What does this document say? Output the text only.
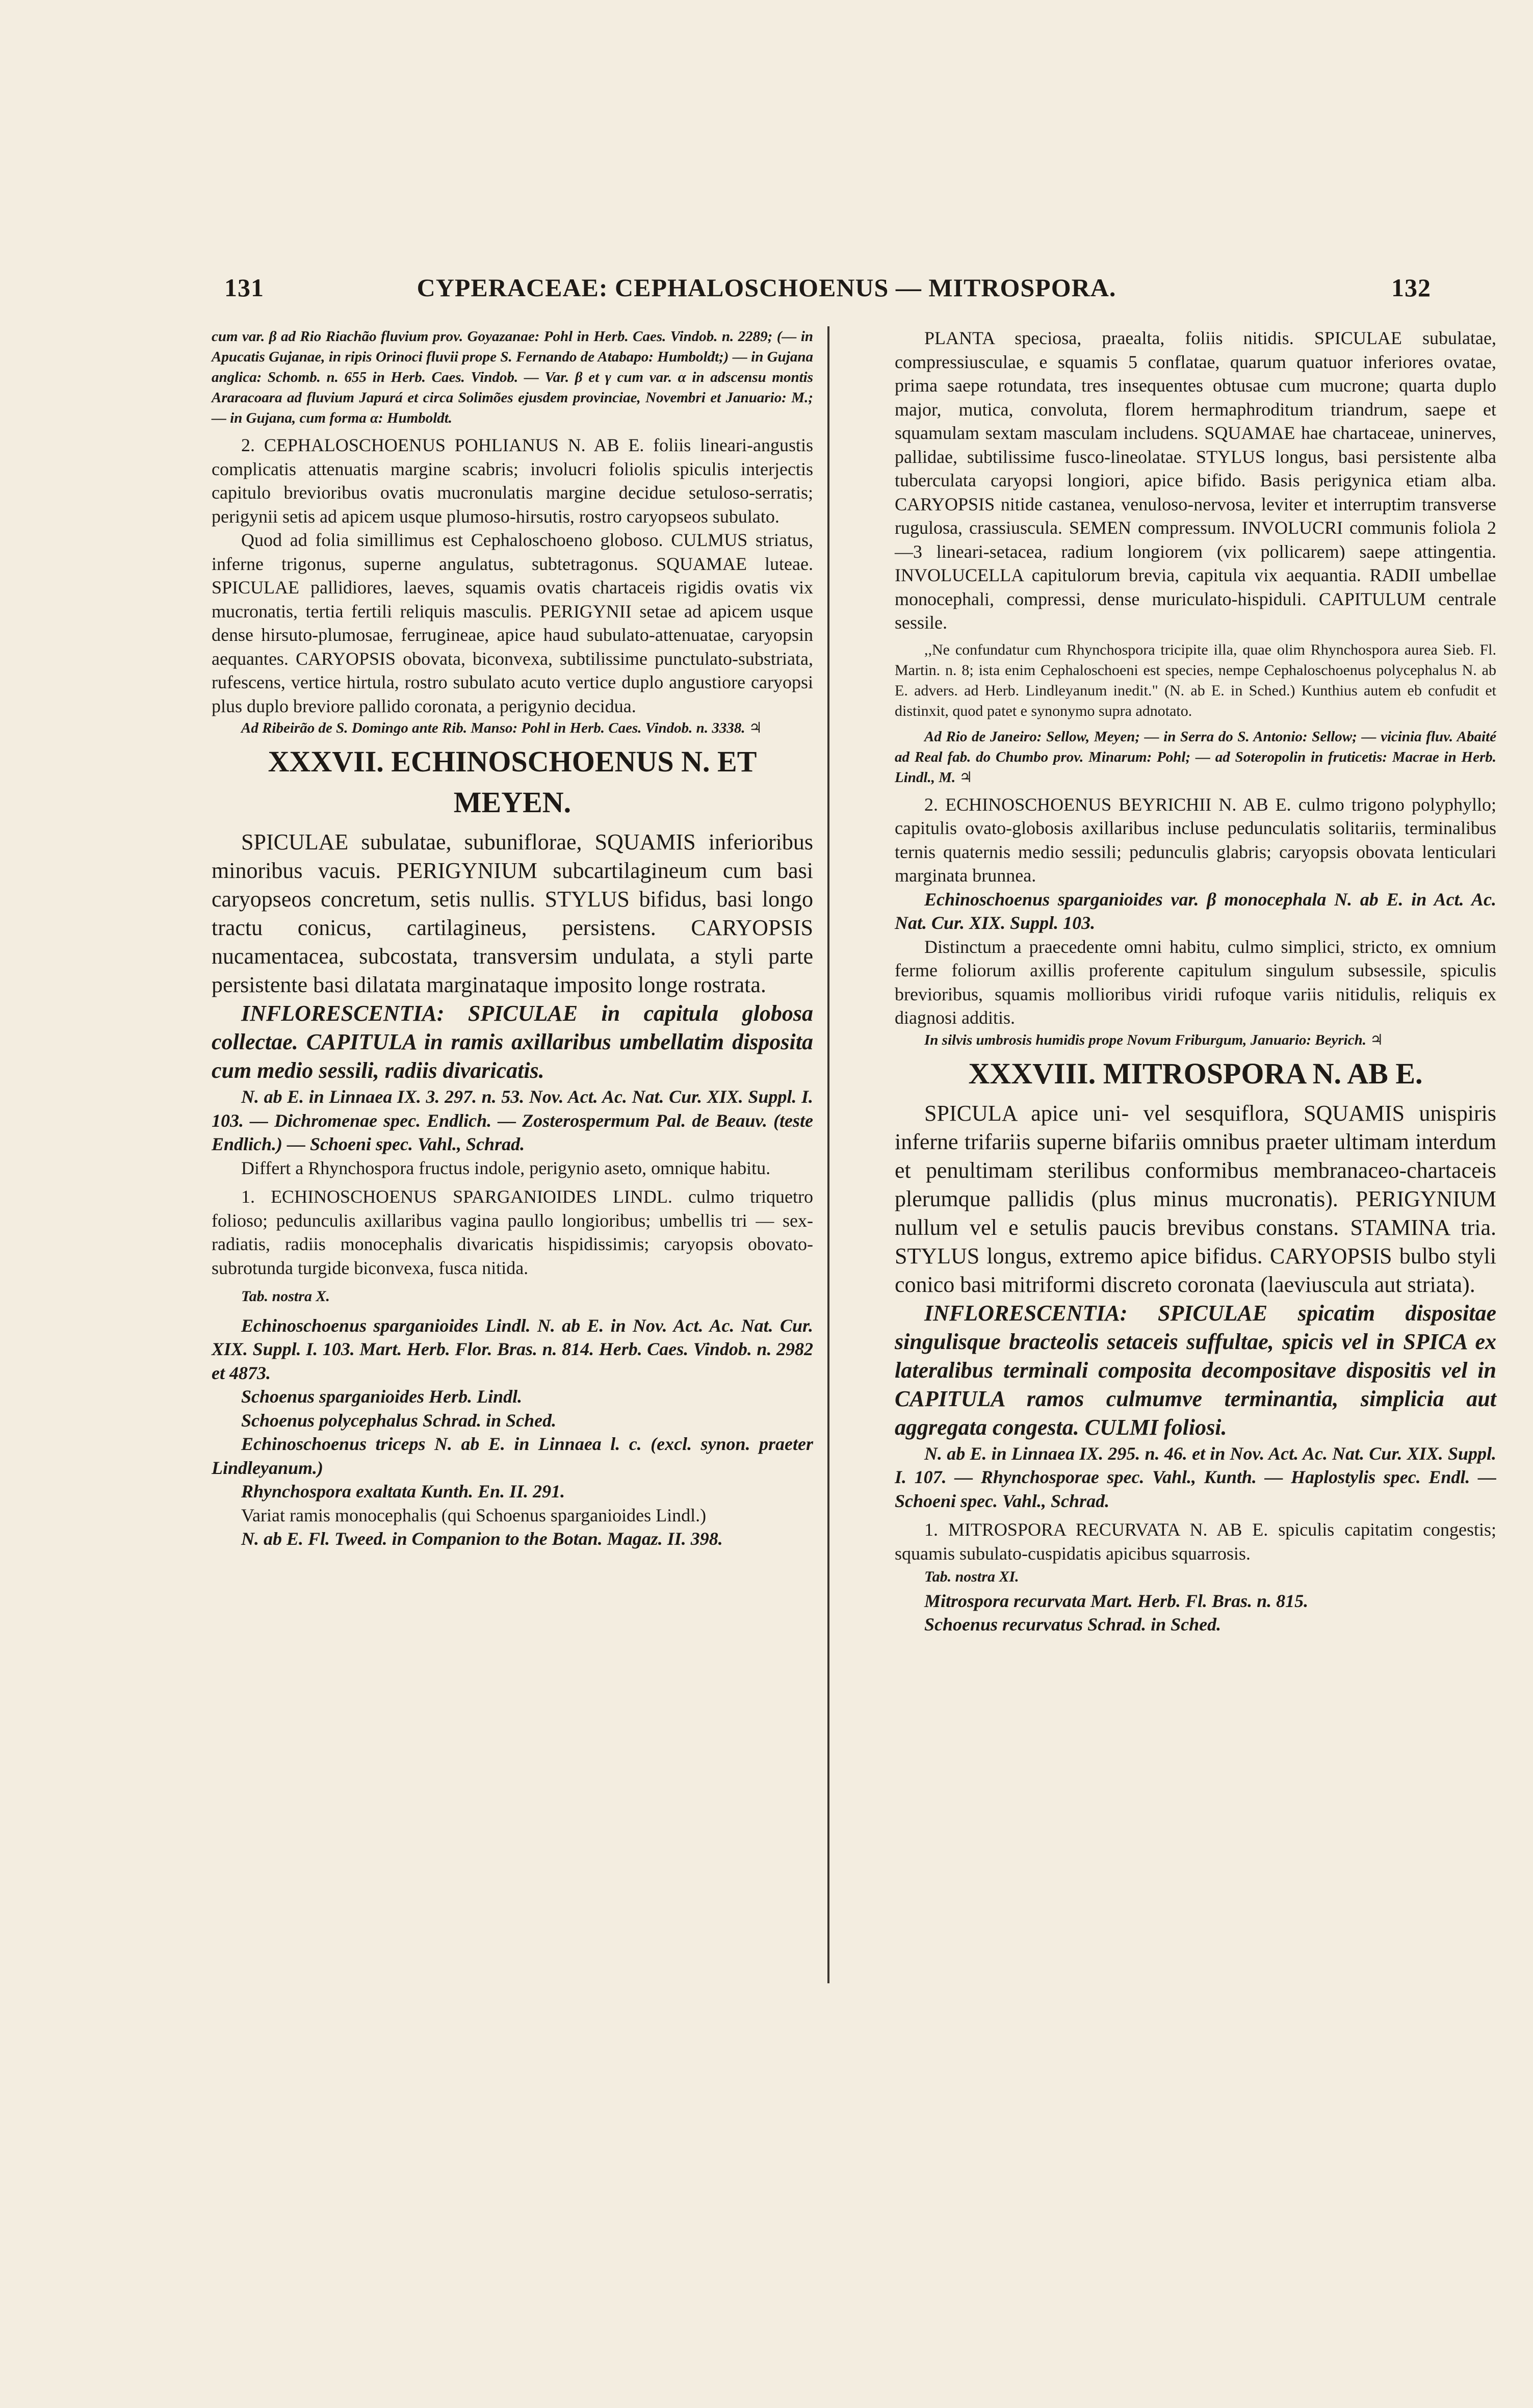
131	CYPERACEAE: CEPHALOSCHOENUS — MITROSPORA.	132

cum var. β ad Rio Riachão fluvium prov. Goyazanae: Pohl in Herb. Caes. Vindob. n. 2289; (— in Apucatis Gujanae, in ripis Orinoci fluvii prope S. Fernando de Atabapo: Humboldt;) — in Gujana anglica: Schomb. n. 655 in Herb. Caes. Vindob. — Var. β et γ cum var. α in adscensu montis Araracoara ad fluvium Japurá et circa Solimões ejusdem provinciae, Novembri et Januario: M.; — in Gujana, cum forma α: Humboldt.

2. CEPHALOSCHOENUS POHLIANUS N. AB E. foliis lineari-angustis complicatis attenuatis margine scabris; involucri foliolis spiculis interjectis capitulo brevioribus ovatis mucronulatis margine decidue setuloso-serratis; perigynii setis ad apicem usque plumoso-hirsutis, rostro caryopseos subulato.

Quod ad folia simillimus est Cephaloschoeno globoso. CULMUS striatus, inferne trigonus, superne angulatus, subtetragonus. SQUAMAE luteae. SPICULAE pallidiores, laeves, squamis ovatis chartaceis rigidis ovatis vix mucronatis, tertia fertili reliquis masculis. PERIGYNII setae ad apicem usque dense hirsuto-plumosae, ferrugineae, apice haud subulato-attenuatae, caryopsin aequantes. CARYOPSIS obovata, biconvexa, subtilissime punctulato-substriata, rufescens, vertice hirtula, rostro subulato acuto vertice duplo angustiore caryopsi plus duplo breviore pallido coronata, a perigynio decidua.

Ad Ribeirão de S. Domingo ante Rib. Manso: Pohl in Herb. Caes. Vindob. n. 3338. ♃

XXXVII. ECHINOSCHOENUS N. ET MEYEN.

SPICULAE subulatae, subuniflorae, SQUAMIS inferioribus minoribus vacuis. PERIGYNIUM subcartilagineum cum basi caryopseos concretum, setis nullis. STYLUS bifidus, basi longo tractu conicus, cartilagineus, persistens. CARYOPSIS nucamentacea, subcostata, transversim undulata, a styli parte persistente basi dilatata marginataque imposito longe rostrata.

INFLORESCENTIA: SPICULAE in capitula globosa collectae. CAPITULA in ramis axillaribus umbellatim disposita cum medio sessili, radiis divaricatis.

N. ab E. in Linnaea IX. 3. 297. n. 53. Nov. Act. Ac. Nat. Cur. XIX. Suppl. I. 103. — Dichromenae spec. Endlich. — Zosterospermum Pal. de Beauv. (teste Endlich.) — Schoeni spec. Vahl., Schrad.

Differt a Rhynchospora fructus indole, perigynio aseto, omnique habitu.

1. ECHINOSCHOENUS SPARGANIOIDES LINDL. culmo triquetro folioso; pedunculis axillaribus vagina paullo longioribus; umbellis tri — sex-radiatis, radiis monocephalis divaricatis hispidissimis; caryopsis obovato-subrotunda turgide biconvexa, fusca nitida.

Tab. nostra X.

Echinoschoenus sparganioides Lindl. N. ab E. in Nov. Act. Ac. Nat. Cur. XIX. Suppl. I. 103. Mart. Herb. Flor. Bras. n. 814. Herb. Caes. Vindob. n. 2982 et 4873.

Schoenus sparganioides Herb. Lindl.

Schoenus polycephalus Schrad. in Sched.

Echinoschoenus triceps N. ab E. in Linnaea l. c. (excl. synon. praeter Lindleyanum.)

Rhynchospora exaltata Kunth. En. II. 291.

Variat ramis monocephalis (qui Schoenus sparganioides Lindl.)

N. ab E. Fl. Tweed. in Companion to the Botan. Magaz. II. 398.

PLANTA speciosa, praealta, foliis nitidis. SPICULAE subulatae, compressiusculae, e squamis 5 conflatae, quarum quatuor inferiores ovatae, prima saepe rotundata, tres insequentes obtusae cum mucrone; quarta duplo major, mutica, convoluta, florem hermaphroditum triandrum, saepe et squamulam sextam masculam includens. SQUAMAE hae chartaceae, uninerves, pallidae, subtilissime fusco-lineolatae. STYLUS longus, basi persistente alba tuberculata caryopsi longiori, apice bifido. Basis perigynica etiam alba. CARYOPSIS nitide castanea, venuloso-nervosa, leviter et interruptim transverse rugulosa, crassiuscula. SEMEN compressum. INVOLUCRI communis foliola 2—3 lineari-setacea, radium longiorem (vix pollicarem) saepe attingentia. INVOLUCELLA capitulorum brevia, capitula vix aequantia. RADII umbellae monocephali, compressi, dense muriculato-hispiduli. CAPITULUM centrale sessile.

,,Ne confundatur cum Rhynchospora tricipite illa, quae olim Rhynchospora aurea Sieb. Fl. Martin. n. 8; ista enim Cephaloschoeni est species, nempe Cephaloschoenus polycephalus N. ab E. advers. ad Herb. Lindleyanum inedit." (N. ab E. in Sched.) Kunthius autem eb confudit et distinxit, quod patet e synonymo supra adnotato.

Ad Rio de Janeiro: Sellow, Meyen; — in Serra do S. Antonio: Sellow; — vicinia fluv. Abaité ad Real fab. do Chumbo prov. Minarum: Pohl; — ad Soteropolin in fruticetis: Macrae in Herb. Lindl., M. ♃

2. ECHINOSCHOENUS BEYRICHII N. AB E. culmo trigono polyphyllo; capitulis ovato-globosis axillaribus incluse pedunculatis solitariis, terminalibus ternis quaternis medio sessili; pedunculis glabris; caryopsis obovata lenticulari marginata brunnea.

Echinoschoenus sparganioides var. β monocephala N. ab E. in Act. Ac. Nat. Cur. XIX. Suppl. 103.

Distinctum a praecedente omni habitu, culmo simplici, stricto, ex omnium ferme foliorum axillis proferente capitulum singulum subsessile, spiculis brevioribus, squamis mollioribus viridi rufoque variis nitidulis, reliquis ex diagnosi additis.

In silvis umbrosis humidis prope Novum Friburgum, Januario: Beyrich. ♃

XXXVIII. MITROSPORA N. AB E.

SPICULA apice uni- vel sesquiflora, SQUAMIS unispiris inferne trifariis superne bifariis omnibus praeter ultimam interdum et penultimam sterilibus conformibus membranaceo-chartaceis plerumque pallidis (plus minus mucronatis). PERIGYNIUM nullum vel e setulis paucis brevibus constans. STAMINA tria. STYLUS longus, extremo apice bifidus. CARYOPSIS bulbo styli conico basi mitriformi discreto coronata (laeviuscula aut striata).

INFLORESCENTIA: SPICULAE spicatim dispositae singulisque bracteolis setaceis suffultae, spicis vel in SPICA ex lateralibus terminali composita decompositave dispositis vel in CAPITULA ramos culmumve terminantia, simplicia aut aggregata congesta. CULMI foliosi.

N. ab E. in Linnaea IX. 295. n. 46. et in Nov. Act. Ac. Nat. Cur. XIX. Suppl. I. 107. — Rhynchosporae spec. Vahl., Kunth. — Haplostylis spec. Endl. — Schoeni spec. Vahl., Schrad.

1. MITROSPORA RECURVATA N. AB E. spiculis capitatim congestis; squamis subulato-cuspidatis apicibus squarrosis.

Tab. nostra XI.

Mitrospora recurvata Mart. Herb. Fl. Bras. n. 815.

Schoenus recurvatus Schrad. in Sched.
